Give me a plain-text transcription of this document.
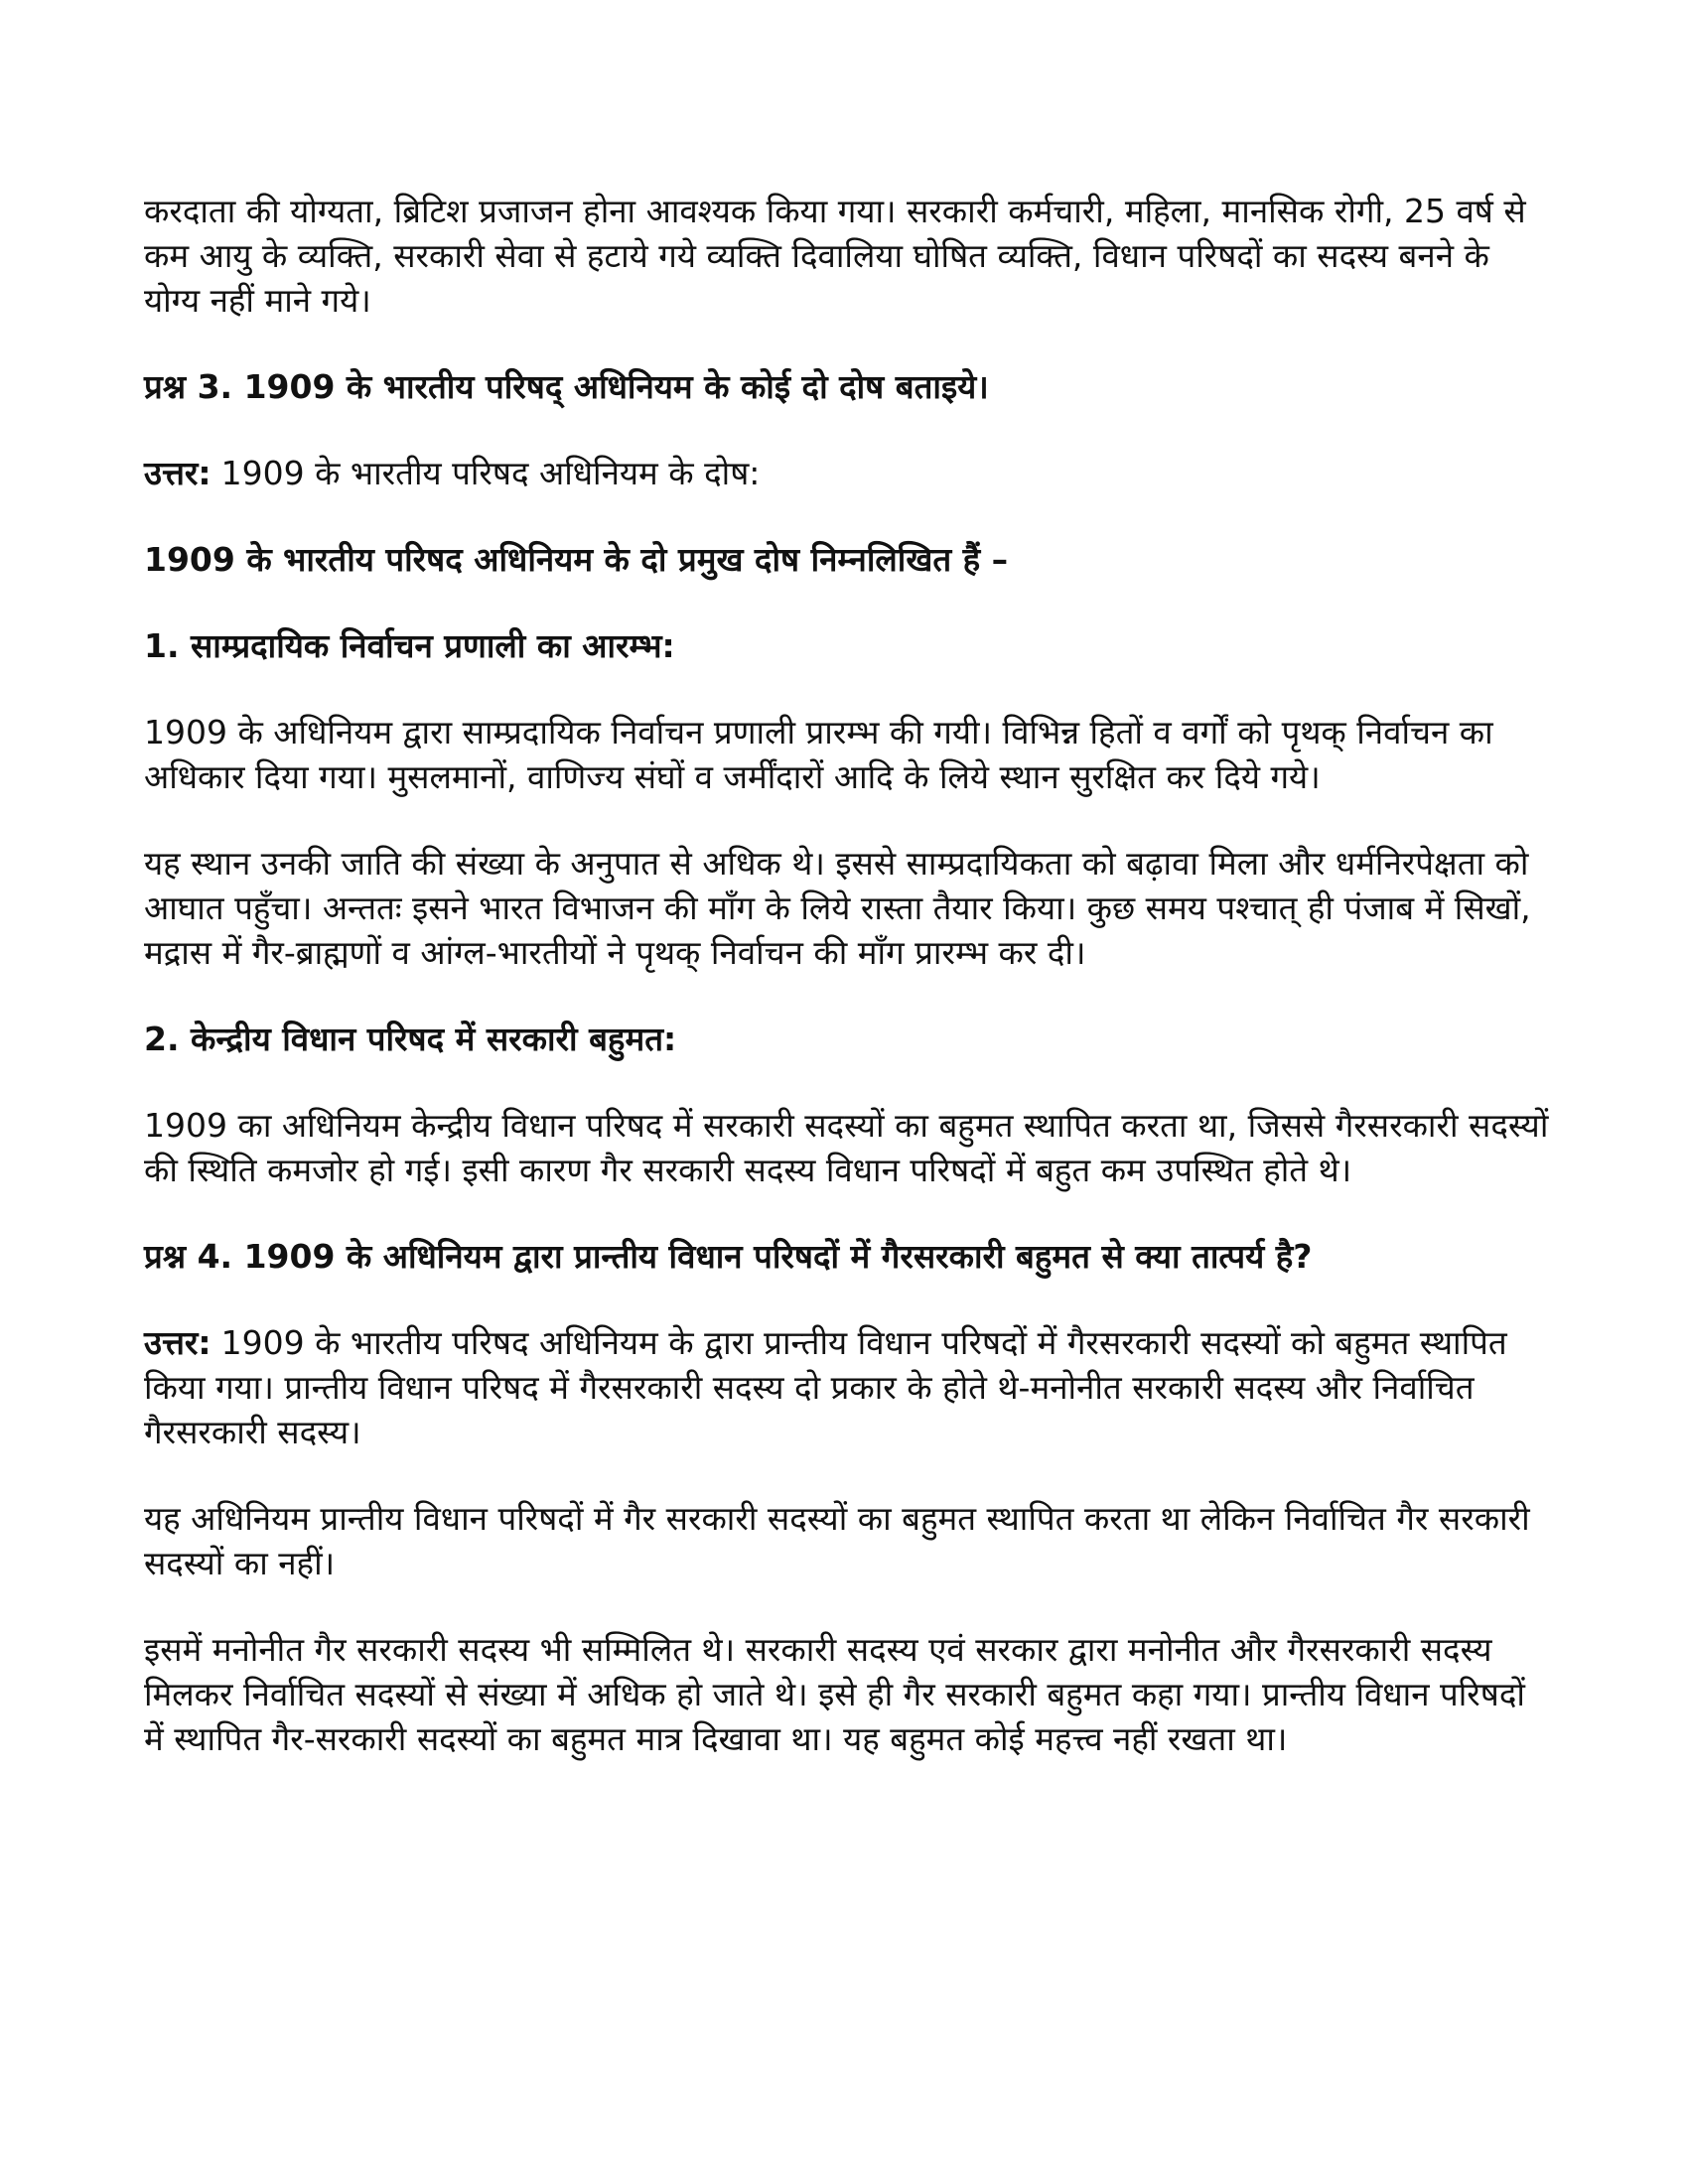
करदाता की योग्यता, ब्रिटिश प्रजाजन होना आवश्यक किया गया। सरकारी कर्मचारी, महिला, मानसिक रोगी, 25 वर्ष से कम आयु के व्यक्ति, सरकारी सेवा से हटाये गये व्यक्ति दिवालिया घोषित व्यक्ति, विधान परिषदों का सदस्य बनने के योग्य नहीं माने गये।

प्रश्न 3. 1909 के भारतीय परिषद् अधिनियम के कोई दो दोष बताइये।

उत्तर: 1909 के भारतीय परिषद अधिनियम के दोष:

1909 के भारतीय परिषद अधिनियम के दो प्रमुख दोष निम्नलिखित हैं –
1. साम्प्रदायिक निर्वाचन प्रणाली का आरम्भ:

1909 के अधिनियम द्वारा साम्प्रदायिक निर्वाचन प्रणाली प्रारम्भ की गयी। विभिन्न हितों व वर्गों को पृथक् निर्वाचन का अधिकार दिया गया। मुसलमानों, वाणिज्य संघों व जर्मींदारों आदि के लिये स्थान सुरक्षित कर दिये गये।

यह स्थान उनकी जाति की संख्या के अनुपात से अधिक थे। इससे साम्प्रदायिकता को बढ़ावा मिला और धर्मनिरपेक्षता को आघात पहुँचा। अन्ततः इसने भारत विभाजन की माँग के लिये रास्ता तैयार किया। कुछ समय पश्चात् ही पंजाब में सिखों, मद्रास में गैर-ब्राह्मणों व आंग्ल-भारतीयों ने पृथक् निर्वाचन की माँग प्रारम्भ कर दी।

2. केन्द्रीय विधान परिषद में सरकारी बहुमत:

1909 का अधिनियम केन्द्रीय विधान परिषद में सरकारी सदस्यों का बहुमत स्थापित करता था, जिससे गैरसरकारी सदस्यों की स्थिति कमजोर हो गई। इसी कारण गैर सरकारी सदस्य विधान परिषदों में बहुत कम उपस्थित होते थे।

प्रश्न 4. 1909 के अधिनियम द्वारा प्रान्तीय विधान परिषदों में गैरसरकारी बहुमत से क्या तात्पर्य है?

उत्तर: 1909 के भारतीय परिषद अधिनियम के द्वारा प्रान्तीय विधान परिषदों में गैरसरकारी सदस्यों को बहुमत स्थापित किया गया। प्रान्तीय विधान परिषद में गैरसरकारी सदस्य दो प्रकार के होते थे-मनोनीत सरकारी सदस्य और निर्वाचित गैरसरकारी सदस्य।

यह अधिनियम प्रान्तीय विधान परिषदों में गैर सरकारी सदस्यों का बहुमत स्थापित करता था लेकिन निर्वाचित गैर सरकारी सदस्यों का नहीं।

इसमें मनोनीत गैर सरकारी सदस्य भी सम्मिलित थे। सरकारी सदस्य एवं सरकार द्वारा मनोनीत और गैरसरकारी सदस्य मिलकर निर्वाचित सदस्यों से संख्या में अधिक हो जाते थे। इसे ही गैर सरकारी बहुमत कहा गया। प्रान्तीय विधान परिषदों में स्थापित गैर-सरकारी सदस्यों का बहुमत मात्र दिखावा था। यह बहुमत कोई महत्त्व नहीं रखता था।
